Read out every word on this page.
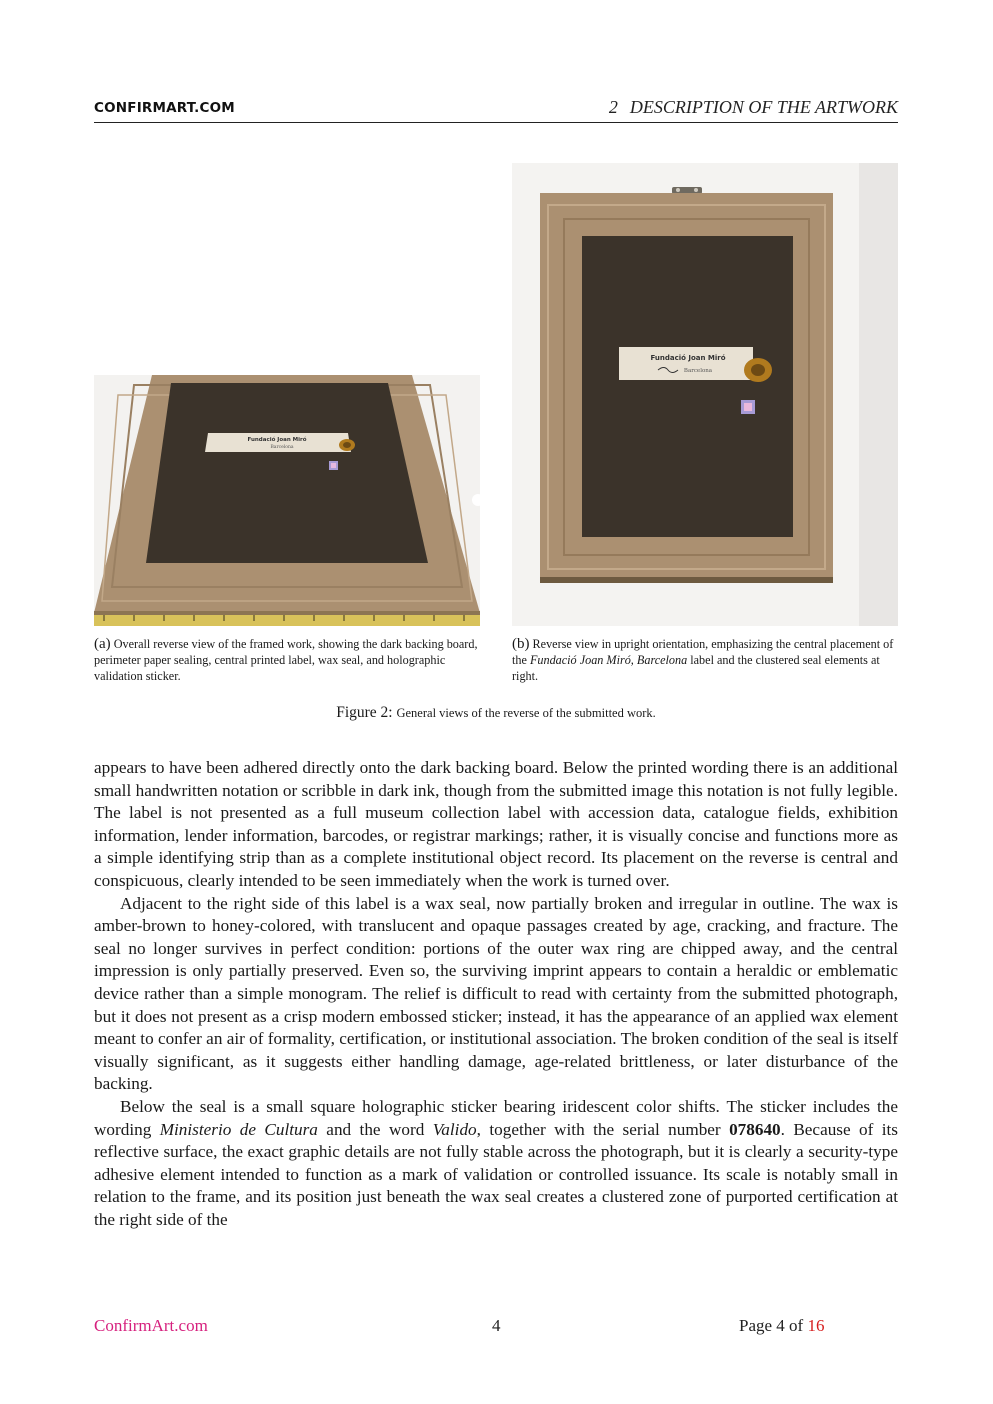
CONFIRMART.COM	2 DESCRIPTION OF THE ARTWORK
Fundació Joan Miró
Barcelona
Fundació Joan Miró
Barcelona
(a) Overall reverse view of the framed work, showing the dark backing board, perimeter paper sealing, central printed label, wax seal, and holographic validation sticker.
(b) Reverse view in upright orientation, emphasizing the central placement of the Fundació Joan Miró, Barcelona label and the clustered seal elements at right.
Figure 2: General views of the reverse of the submitted work.

appears to have been adhered directly onto the dark backing board. Below the printed wording there is an additional small handwritten notation or scribble in dark ink, though from the submitted image this notation is not fully legible. The label is not presented as a full museum collection label with accession data, catalogue fields, exhibition information, lender information, barcodes, or registrar markings; rather, it is visually concise and functions more as a simple identifying strip than as a complete institutional object record. Its placement on the reverse is central and conspicuous, clearly intended to be seen immediately when the work is turned over.

Adjacent to the right side of this label is a wax seal, now partially broken and irregular in outline. The wax is amber-brown to honey-colored, with translucent and opaque passages created by age, cracking, and fracture. The seal no longer survives in perfect condition: portions of the outer wax ring are chipped away, and the central impression is only partially preserved. Even so, the surviving imprint appears to contain a heraldic or emblematic device rather than a simple monogram. The relief is difficult to read with certainty from the submitted photograph, but it does not present as a crisp modern embossed sticker; instead, it has the appearance of an applied wax element meant to confer an air of formality, certification, or institutional association. The broken condition of the seal is itself visually significant, as it suggests either handling damage, age-related brittleness, or later disturbance of the backing.

Below the seal is a small square holographic sticker bearing iridescent color shifts. The sticker includes the wording Ministerio de Cultura and the word Valido, together with the serial number 078640. Because of its reflective surface, the exact graphic details are not fully stable across the photograph, but it is clearly a security-type adhesive element intended to function as a mark of validation or controlled issuance. Its scale is notably small in relation to the frame, and its position just beneath the wax seal creates a clustered zone of purported certification at the right side of the

ConfirmArt.com	4	Page 4 of 16
